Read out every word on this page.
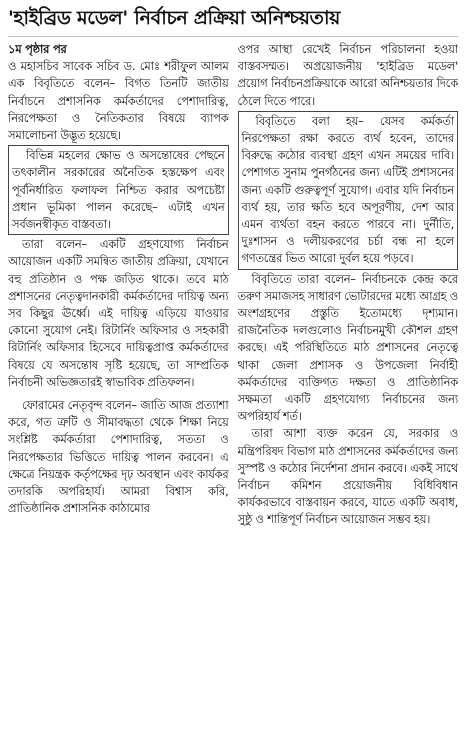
'হাইব্রিড মডেল' নির্বাচন প্রক্রিয়া অনিশ্চয়তায়

১ম পৃষ্ঠার পর

ও মহাসচিব সাবেক সচিব ড. মোঃ শরীফুল আলম এক বিবৃতিতে বলেন– বিগত তিনটি জাতীয় নির্বাচনে প্রশাসনিক কর্মকর্তাদের পেশাদারিত্ব, নিরপেক্ষতা ও নৈতিকতার বিষয়ে ব্যাপক সমালোচনা উদ্ভূত হয়েছে।

বিভিন্ন মহলের ক্ষোভ ও অসন্তোষের পেছনে তৎকালীন সরকারের অনৈতিক হস্তক্ষেপ এবং পূর্বনির্ধারিত ফলাফল নিশ্চিত করার অপচেষ্টা প্রধান ভূমিকা পালন করেছে– এটাই এখন সর্বজনস্বীকৃত বাস্তবতা।

তারা বলেন– একটি গ্রহণযোগ্য নির্বাচন আয়োজন একটি সমন্বিত জাতীয় প্রক্রিয়া, যেখানে বহু প্রতিষ্ঠান ও পক্ষ জড়িত থাকে। তবে মাঠ প্রশাসনের নেতৃত্বদানকারী কর্মকর্তাদের দায়িত্ব অন্য সব কিছুর ঊর্ধ্বে। এই দায়িত্ব এড়িয়ে যাওয়ার কোনো সুযোগ নেই। রিটার্নিং অফিসার ও সহকারী রিটার্নিং অফিসার হিসেবে দায়িত্বপ্রাপ্ত কর্মকর্তাদের বিষয়ে যে অসন্তোষ সৃষ্টি হয়েছে, তা সাম্প্রতিক নির্বাচনী অভিজ্ঞতারই স্বাভাবিক প্রতিফলন।

ফোরামের নেতৃবৃন্দ বলেন– জাতি আজ প্রত্যাশা করে, গত ত্রুটি ও সীমাবদ্ধতা থেকে শিক্ষা নিয়ে সংশ্লিষ্ট কর্মকর্তারা পেশাদারিত্ব, সততা ও নিরপেক্ষতার ভিত্তিতে দায়িত্ব পালন করবেন। এ ক্ষেত্রে নিয়ন্ত্রক কর্তৃপক্ষের দৃঢ় অবস্থান এবং কার্যকর তদারকি অপরিহার্য। আমরা বিশ্বাস করি, প্রাতিষ্ঠানিক প্রশাসনিক কাঠামোর

ওপর আস্থা রেখেই নির্বাচন পরিচালনা হওয়া বাস্তবসম্মত। অপ্রয়োজনীয় 'হাইব্রিড মডেল' প্রয়োগ নির্বাচনপ্রক্রিয়াকে আরো অনিশ্চয়তার দিকে ঠেলে দিতে পারে।

বিবৃতিতে বলা হয়– যেসব কর্মকর্তা নিরপেক্ষতা রক্ষা করতে ব্যর্থ হবেন, তাদের বিরুদ্ধে কঠোর ব্যবস্থা গ্রহণ এখন সময়ের দাবি। পেশাগত সুনাম পুনর্গঠনের জন্য এটিই প্রশাসনের জন্য একটি গুরুত্বপূর্ণ সুযোগ। এবার যদি নির্বাচন ব্যর্থ হয়, তার ক্ষতি হবে অপূরণীয়, দেশ আর এমন ব্যর্থতা বহন করতে পারবে না। দুর্নীতি, দুঃশাসন ও দলীয়করণের চর্চা বন্ধ না হলে গণতন্ত্রের ভিত আরো দুর্বল হয়ে পড়বে।

বিবৃতিতে তারা বলেন– নির্বাচনকে কেন্দ্র করে তরুণ সমাজসহ সাধারণ ভোটারদের মধ্যে আগ্রহ ও অংশগ্রহণের প্রস্তুতি ইতোমধ্যে দৃশ্যমান। রাজনৈতিক দলগুলোও নির্বাচনমুখী কৌশল গ্রহণ করছে। এই পরিস্থিতিতে মাঠ প্রশাসনের নেতৃত্বে থাকা জেলা প্রশাসক ও উপজেলা নির্বাহী কর্মকর্তাদের ব্যক্তিগত দক্ষতা ও প্রাতিষ্ঠানিক সক্ষমতা একটি গ্রহণযোগ্য নির্বাচনের জন্য অপরিহার্য শর্ত।

তারা আশা ব্যক্ত করেন যে, সরকার ও মন্ত্রিপরিষদ বিভাগ মাঠ প্রশাসনের কর্মকর্তাদের জন্য সুস্পষ্ট ও কঠোর নির্দেশনা প্রদান করবে। একই সাথে নির্বাচন কমিশন প্রয়োজনীয় বিধিবিধান কার্যকরভাবে বাস্তবায়ন করবে, যাতে একটি অবাধ, সুষ্ঠু ও শান্তিপূর্ণ নির্বাচন আয়োজন সম্ভব হয়।
